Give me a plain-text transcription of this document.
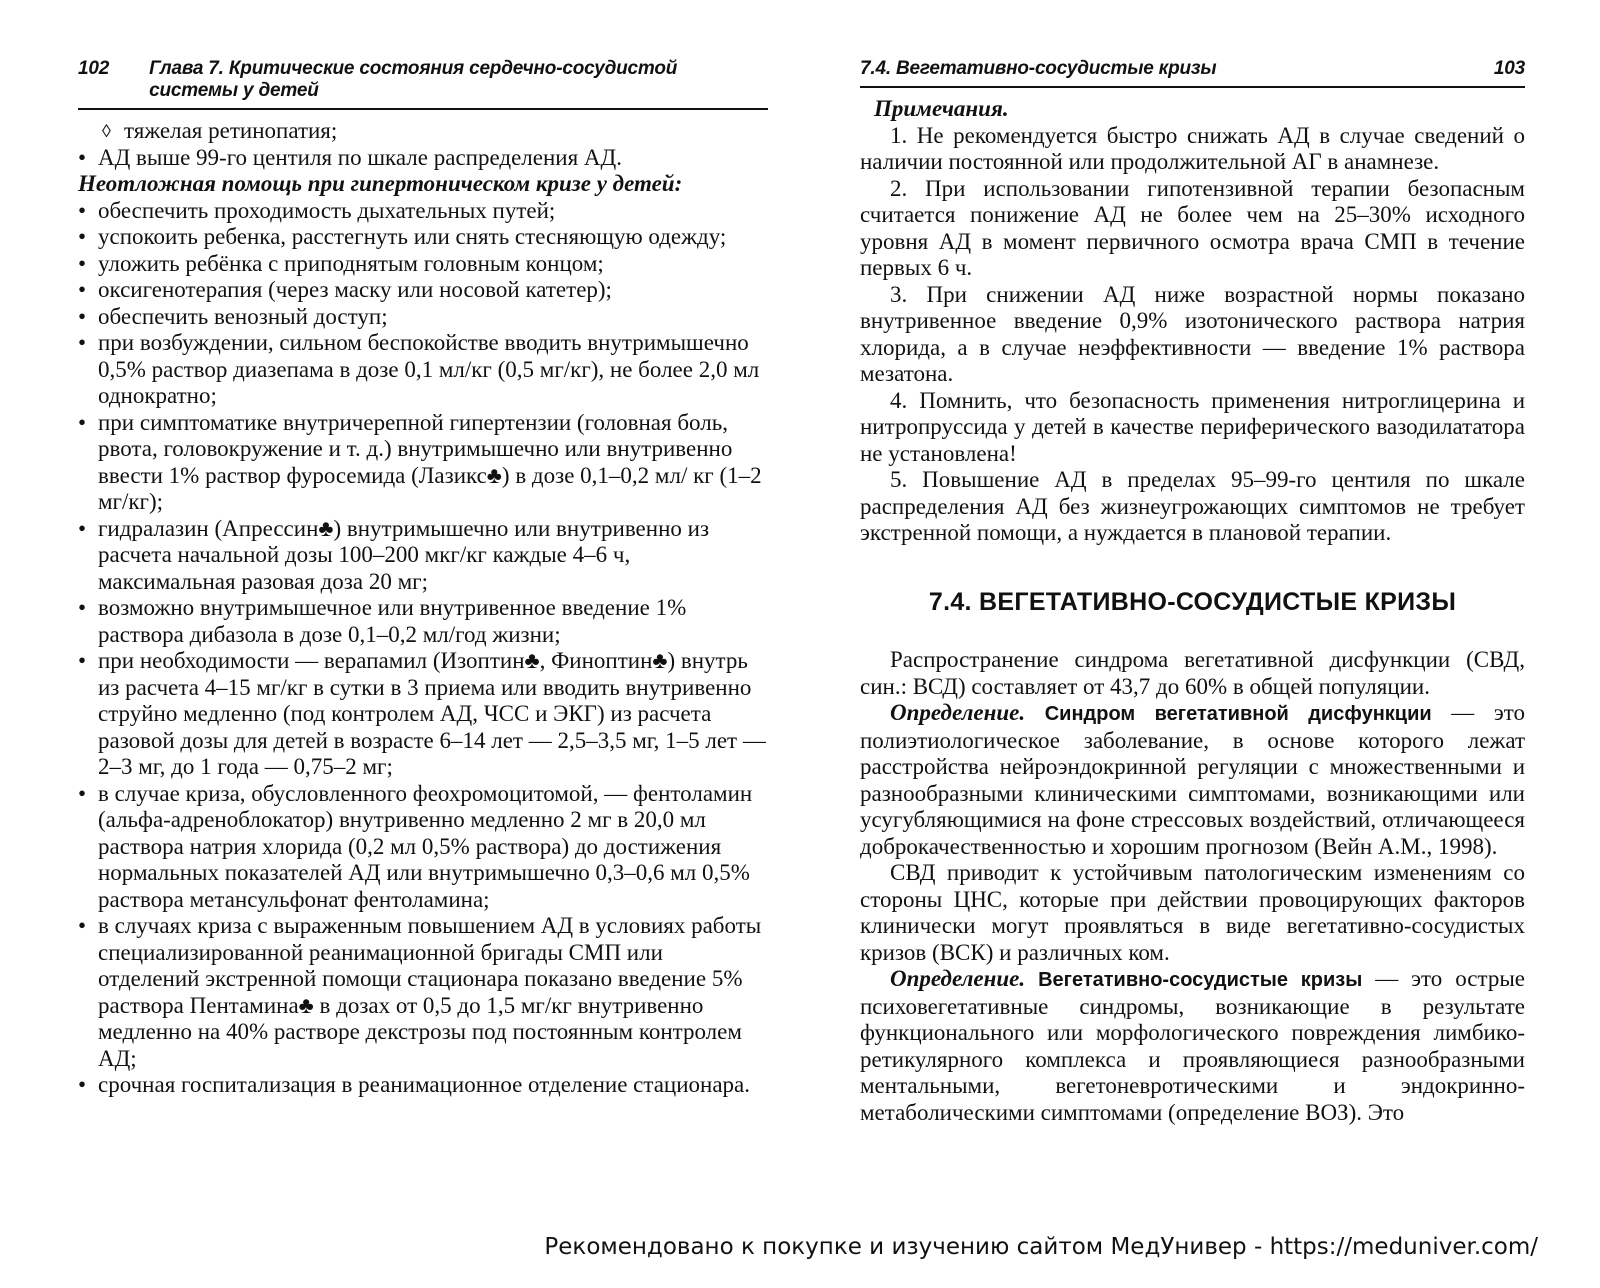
102 Глава 7. Критические состояния сердечно-сосудистой системы у детей
◊ тяжелая ретинопатия;
• АД выше 99-го центиля по шкале распределения АД.

Неотложная помощь при гипертоническом кризе у детей:

• обеспечить проходимость дыхательных путей;
• успокоить ребенка, расстегнуть или снять стесняющую одежду;
• уложить ребёнка с приподнятым головным концом;
• оксигенотерапия (через маску или носовой катетер);
• обеспечить венозный доступ;
• при возбуждении, сильном беспокойстве вводить внутримышечно 0,5% раствор диазепама в дозе 0,1 мл/кг (0,5 мг/кг), не более 2,0 мл однократно;
• при симптоматике внутричерепной гипертензии (головная боль, рвота, головокружение и т. д.) внутримышечно или внутривенно ввести 1% раствор фуросемида (Лазикс♣) в дозе 0,1–0,2 мл/ кг (1–2 мг/кг);
• гидралазин (Апрессин♣) внутримышечно или внутривенно из расчета начальной дозы 100–200 мкг/кг каждые 4–6 ч, максимальная разовая доза 20 мг;
• возможно внутримышечное или внутривенное введение 1% раствора дибазола в дозе 0,1–0,2 мл/год жизни;
• при необходимости — верапамил (Изоптин♣, Финоптин♣) внутрь из расчета 4–15 мг/кг в сутки в 3 приема или вводить внутривенно струйно медленно (под контролем АД, ЧСС и ЭКГ) из расчета разовой дозы для детей в возрасте 6–14 лет — 2,5–3,5 мг, 1–5 лет — 2–3 мг, до 1 года — 0,75–2 мг;
• в случае криза, обусловленного феохромоцитомой, — фентоламин (альфа-адреноблокатор) внутривенно медленно 2 мг в 20,0 мл раствора натрия хлорида (0,2 мл 0,5% раствора) до достижения нормальных показателей АД или внутримышечно 0,3–0,6 мл 0,5% раствора метансульфонат фентоламина;
• в случаях криза с выраженным повышением АД в условиях работы специализированной реанимационной бригады СМП или отделений экстренной помощи стационара показано введение 5% раствора Пентамина♣ в дозах от 0,5 до 1,5 мг/кг внутривенно медленно на 40% растворе декстрозы под постоянным контролем АД;
• срочная госпитализация в реанимационное отделение стационара.
7.4. Вегетативно-сосудистые кризы	103

Примечания.

1. Не рекомендуется быстро снижать АД в случае сведений о наличии постоянной или продолжительной АГ в анамнезе.

2. При использовании гипотензивной терапии безопасным считается понижение АД не более чем на 25–30% исходного уровня АД в момент первичного осмотра врача СМП в течение первых 6 ч.

3. При снижении АД ниже возрастной нормы показано внутривенное введение 0,9% изотонического раствора натрия хлорида, а в случае неэффективности — введение 1% раствора мезатона.

4. Помнить, что безопасность применения нитроглицерина и нитропруссида у детей в качестве периферического вазодилататора не установлена!

5. Повышение АД в пределах 95–99-го центиля по шкале распределения АД без жизнеугрожающих симптомов не требует экстренной помощи, а нуждается в плановой терапии.

7.4. ВЕГЕТАТИВНО-СОСУДИСТЫЕ КРИЗЫ

Распространение синдрома вегетативной дисфункции (СВД, син.: ВСД) составляет от 43,7 до 60% в общей популяции.

Определение. Синдром вегетативной дисфункции — это полиэтиологическое заболевание, в основе которого лежат расстройства нейроэндокринной регуляции с множественными и разнообразными клиническими симптомами, возникающими или усугубляющимися на фоне стрессовых воздействий, отличающееся доброкачественностью и хорошим прогнозом (Вейн А.М., 1998).

СВД приводит к устойчивым патологическим изменениям со стороны ЦНС, которые при действии провоцирующих факторов клинически могут проявляться в виде вегетативно-сосудистых кризов (ВСК) и различных ком.

Определение. Вегетативно-сосудистые кризы — это острые психовегетативные синдромы, возникающие в результате функционального или морфологического повреждения лимбико-ретикулярного комплекса и проявляющиеся разнообразными ментальными, вегетоневротическими и эндокринно-метаболическими симптомами (определение ВОЗ). Это

Рекомендовано к покупке и изучению сайтом МедУнивер - https://meduniver.com/
